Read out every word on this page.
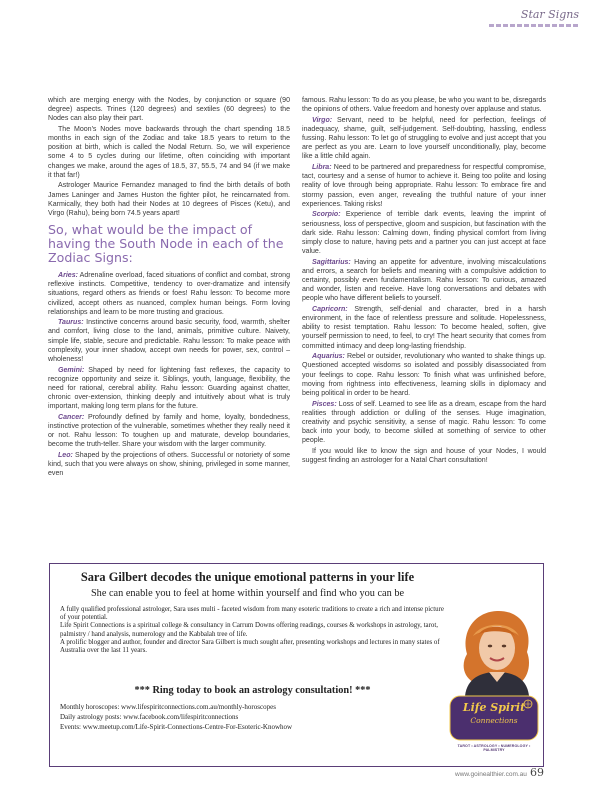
Star Signs

which are merging energy with the Nodes, by conjunction or square (90 degree) aspects. Trines (120 degrees) and sextiles (60 degrees) to the Nodes can also play their part.

The Moon's Nodes move backwards through the chart spending 18.5 months in each sign of the Zodiac and take 18.5 years to return to the position at birth, which is called the Nodal Return. So, we will experience some 4 to 5 cycles during our lifetime, often coinciding with important changes we make, around the ages of 18.5, 37, 55.5, 74 and 94 (if we make it that far!)

Astrologer Maurice Fernandez managed to find the birth details of both James Laninger and James Huston the fighter pilot, he reincarnated from. Karmically, they both had their Nodes at 10 degrees of Pisces (Ketu), and Virgo (Rahu), being born 74.5 years apart!

So, what would be the impact of having the South Node in each of the Zodiac Signs:

Aries: Adrenaline overload, faced situations of conflict and combat, strong reflexive instincts. Competitive, tendency to over-dramatize and intensify situations, regard others as friends or foes! Rahu lesson: To become more civilized, accept others as nuanced, complex human beings. Form loving relationships and learn to be more trusting and gracious.

Taurus: Instinctive concerns around basic security, food, warmth, shelter and comfort, living close to the land, animals, primitive culture. Naivety, simple life, stable, secure and predictable. Rahu lesson: To make peace with complexity, your inner shadow, accept own needs for power, sex, control – wholeness!

Gemini: Shaped by need for lightening fast reflexes, the capacity to recognize opportunity and seize it. Siblings, youth, language, flexibility, the need for rational, cerebral ability. Rahu lesson: Guarding against chatter, chronic over-extension, thinking deeply and intuitively about what is truly important, making long term plans for the future.

Cancer: Profoundly defined by family and home, loyalty, bondedness, instinctive protection of the vulnerable, sometimes whether they really need it or not. Rahu lesson: To toughen up and maturate, develop boundaries, become the truth-teller. Share your wisdom with the larger community.

Leo: Shaped by the projections of others. Successful or notoriety of some kind, such that you were always on show, shining, privileged in some manner, even

famous. Rahu lesson: To do as you please, be who you want to be, disregards the opinions of others. Value freedom and honesty over applause and status.

Virgo: Servant, need to be helpful, need for perfection, feelings of inadequacy, shame, guilt, self-judgement. Self-doubting, hassling, endless fussing. Rahu lesson: To let go of struggling to evolve and just accept that you are perfect as you are. Learn to love yourself unconditionally, play, become like a little child again.

Libra: Need to be partnered and preparedness for respectful compromise, tact, courtesy and a sense of humor to achieve it. Being too polite and losing reality of love through being appropriate. Rahu lesson: To embrace fire and stormy passion, even anger, revealing the truthful nature of your inner experiences. Taking risks!

Scorpio: Experience of terrible dark events, leaving the imprint of seriousness, loss of perspective, gloom and suspicion, but fascination with the dark side. Rahu lesson: Calming down, finding physical comfort from living simply close to nature, having pets and a partner you can just accept at face value.

Sagittarius: Having an appetite for adventure, involving miscalculations and errors, a search for beliefs and meaning with a compulsive addiction to certainty, possibly even fundamentalism. Rahu lesson: To curious, amazed and wonder, listen and receive. Have long conversations and debates with people who have different beliefs to yourself.

Capricorn: Strength, self-denial and character, bred in a harsh environment, in the face of relentless pressure and solitude. Hopelessness, ability to resist temptation. Rahu lesson: To become healed, soften, give yourself permission to need, to feel, to cry! The heart security that comes from committed intimacy and deep long-lasting friendship.

Aquarius: Rebel or outsider, revolutionary who wanted to shake things up. Questioned accepted wisdoms so isolated and possibly disassociated from your feelings to cope. Rahu lesson: To finish what was unfinished before, moving from rightness into effectiveness, learning skills in diplomacy and being political in order to be heard.

Pisces: Loss of self. Learned to see life as a dream, escape from the hard realities through addiction or dulling of the senses. Huge imagination, creativity and psychic sensitivity, a sense of magic. Rahu lesson: To come back into your body, to become skilled at something of service to other people.

If you would like to know the sign and house of your Nodes, I would suggest finding an astrologer for a Natal Chart consultation!

Sara Gilbert decodes the unique emotional patterns in your life
She can enable you to feel at home within yourself and find who you can be

A fully qualified professional astrologer, Sara uses multi - faceted wisdom from many esoteric traditions to create a rich and intense picture of your potential.

Life Spirit Connections is a spiritual college & consultancy in Carrum Downs offering readings, courses & workshops in astrology, tarot, palmistry / hand analysis, numerology and the Kabbalah tree of life.

A prolific blogger and author, founder and director Sara Gilbert is much sought after, presenting workshops and lectures in many states of Australia over the last 11 years.

*** Ring today to book an astrology consultation! ***

Monthly horoscopes: www.lifespiritconnections.com.au/monthly-horoscopes

Daily astrology posts: www.facebook.com/lifespiritconnections

Events: www.meetup.com/Life-Spirit-Connections-Centre-For-Esoteric-Knowhow

Life Spirit
Connections
TAROT • ASTROLOGY • NUMEROLOGY • PALMISTRY
www.goinealthier.com.au 69
